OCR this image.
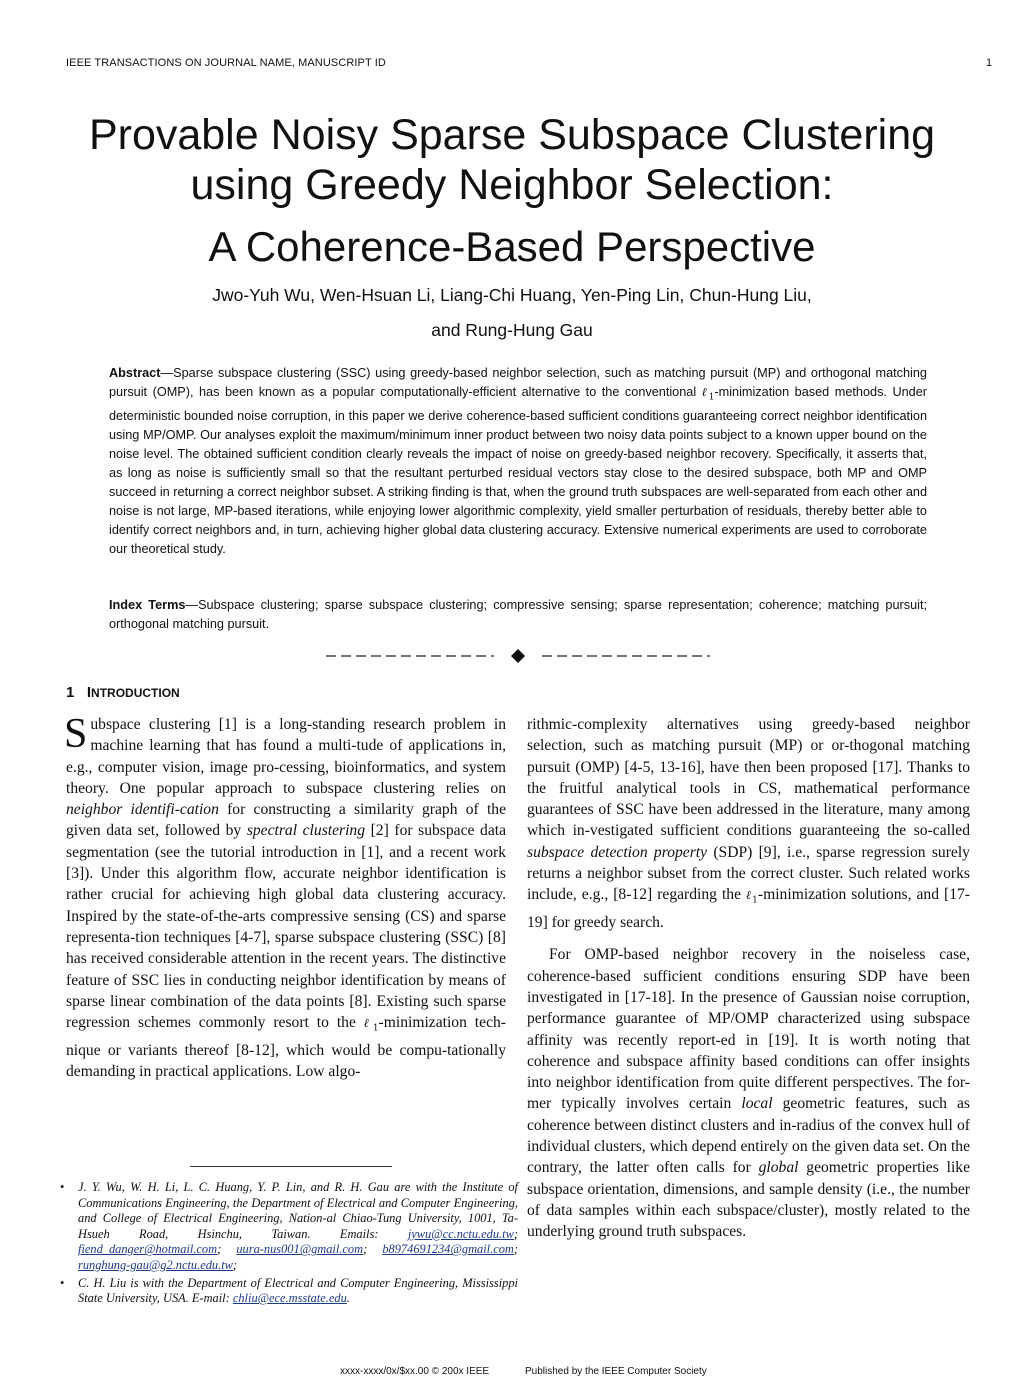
IEEE TRANSACTIONS ON JOURNAL NAME, MANUSCRIPT ID	1
Provable Noisy Sparse Subspace Clustering
using Greedy Neighbor Selection:
A Coherence-Based Perspective
Jwo-Yuh Wu, Wen-Hsuan Li, Liang-Chi Huang, Yen-Ping Lin, Chun-Hung Liu,
and Rung-Hung Gau
Abstract—Sparse subspace clustering (SSC) using greedy-based neighbor selection, such as matching pursuit (MP) and orthogonal matching pursuit (OMP), has been known as a popular computationally-efficient alternative to the conventional ℓ$_1$-minimization based methods. Under deterministic bounded noise corruption, in this paper we derive coherence-based sufficient conditions guaranteeing correct neighbor identification using MP/OMP. Our analyses exploit the maximum/minimum inner product between two noisy data points subject to a known upper bound on the noise level. The obtained sufficient condition clearly reveals the impact of noise on greedy-based neighbor recovery. Specifically, it asserts that, as long as noise is sufficiently small so that the resultant perturbed residual vectors stay close to the desired subspace, both MP and OMP succeed in returning a correct neighbor subset. A striking finding is that, when the ground truth subspaces are well-separated from each other and noise is not large, MP-based iterations, while enjoying lower algorithmic complexity, yield smaller perturbation of residuals, thereby better able to identify correct neighbors and, in turn, achieving higher global data clustering accuracy. Extensive numerical experiments are used to corroborate our theoretical study.
Index Terms—Subspace clustering; sparse subspace clustering; compressive sensing; sparse representation; coherence; matching pursuit; orthogonal matching pursuit.
1 INTRODUCTION

Subspace clustering [1] is a long-standing research problem in machine learning that has found a multi-tude of applications in, e.g., computer vision, image pro-cessing, bioinformatics, and system theory. One popular approach to subspace clustering relies on neighbor identifi-cation for constructing a similarity graph of the given data set, followed by spectral clustering [2] for subspace data segmentation (see the tutorial introduction in [1], and a recent work [3]). Under this algorithm flow, accurate neighbor identification is rather crucial for achieving high global data clustering accuracy. Inspired by the state-of-the-arts compressive sensing (CS) and sparse representa-tion techniques [4-7], sparse subspace clustering (SSC) [8] has received considerable attention in the recent years. The distinctive feature of SSC lies in conducting neighbor identification by means of sparse linear combination of the data points [8]. Existing such sparse regression schemes commonly resort to the ℓ$_1$-minimization tech-nique or variants thereof [8-12], which would be compu-tationally demanding in practical applications. Low algo-

rithmic-complexity alternatives using greedy-based neighbor selection, such as matching pursuit (MP) or or-thogonal matching pursuit (OMP) [4-5, 13-16], have then been proposed [17]. Thanks to the fruitful analytical tools in CS, mathematical performance guarantees of SSC have been addressed in the literature, many among which in-vestigated sufficient conditions guaranteeing the so-called subspace detection property (SDP) [9], i.e., sparse regression surely returns a neighbor subset from the correct cluster. Such related works include, e.g., [8-12] regarding the ℓ$_1$-minimization solutions, and [17-19] for greedy search.

For OMP-based neighbor recovery in the noiseless case, coherence-based sufficient conditions ensuring SDP have been investigated in [17-18]. In the presence of Gaussian noise corruption, performance guarantee of MP/OMP characterized using subspace affinity was recently report-ed in [19]. It is worth noting that coherence and subspace affinity based conditions can offer insights into neighbor identification from quite different perspectives. The for-mer typically involves certain local geometric features, such as coherence between distinct clusters and in-radius of the convex hull of individual clusters, which depend entirely on the given data set. On the contrary, the latter often calls for global geometric properties like subspace orientation, dimensions, and sample density (i.e., the number of data samples within each subspace/cluster), mostly related to the underlying ground truth subspaces.

• J. Y. Wu, W. H. Li, L. C. Huang, Y. P. Lin, and R. H. Gau are with the Institute of Communications Engineering, the Department of Electrical and Computer Engineering, and College of Electrical Engineering, Nation-al Chiao-Tung University, 1001, Ta-Hsueh Road, Hsinchu, Taiwan. Emails: jywu@cc.nctu.edu.tw; fiend_danger@hotmail.com; uura-nus001@gmail.com; b8974691234@gmail.com; runghung-gau@g2.nctu.edu.tw;
• C. H. Liu is with the Department of Electrical and Computer Engineering, Mississippi State University, USA. E-mail: chliu@ece.msstate.edu.
xxxx-xxxx/0x/$xx.00 © 200x IEEE	Published by the IEEE Computer Society
